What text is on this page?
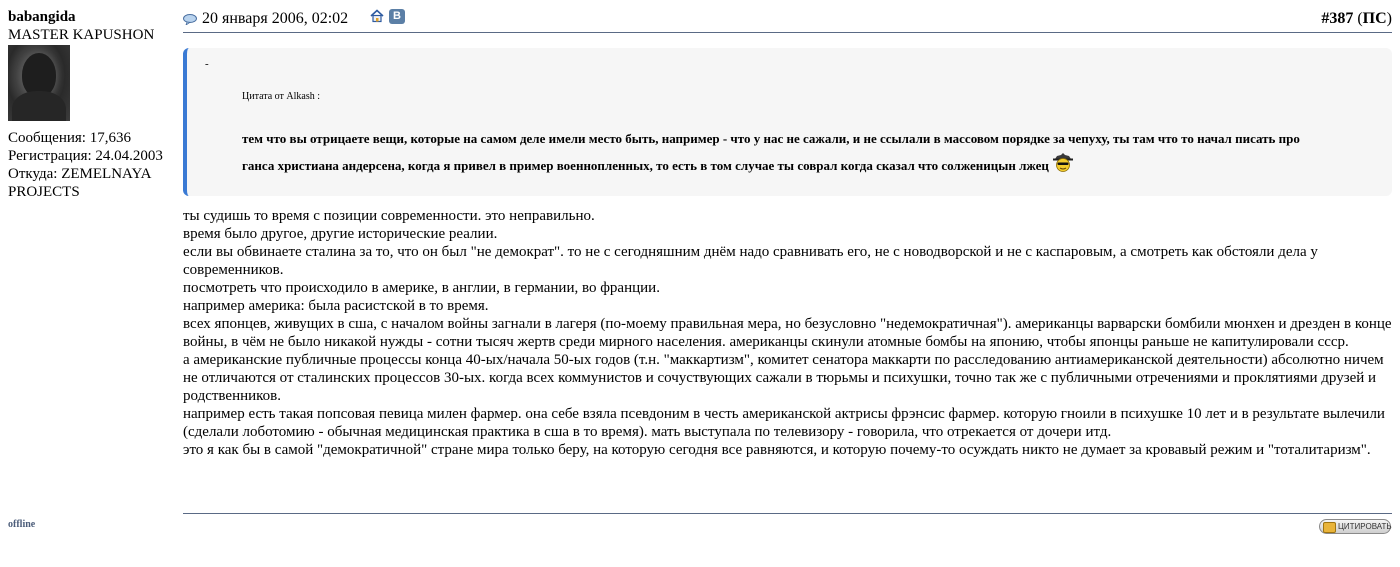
babangida
MASTER KAPUSHON
Сообщения: 17,636
Регистрация: 24.04.2003
Откуда: ZEMELNAYA PROJECTS
offline
20 января 2006, 02:02	В	#387 (ПС)
-
Цитата от Alkash :
тем что вы отрицаете вещи, которые на самом деле имели место быть, например - что у нас не сажали, и не ссылали в массовом порядке за чепуху, ты там что то начал писать про ганса христиана андерсена, когда я привел в пример военнопленных, то есть в том случае ты соврал когда сказал что солженицын лжец

ты судишь то время с позиции современности. это неправильно.

время было другое, другие исторические реалии.

если вы обвинаете сталина за то, что он был "не демократ". то не с сегодняшним днём надо сравнивать его, не с новодворской и не с каспаровым, а смотреть как обстояли дела у современников.

посмотреть что происходило в америке, в англии, в германии, во франции.

например америка: была расистской в то время.

всех японцев, живущих в сша, с началом войны загнали в лагеря (по-моему правильная мера, но безусловно "недемократичная"). американцы варварски бомбили мюнхен и дрезден в конце войны, в чём не было никакой нужды - сотни тысяч жертв среди мирного населения. американцы скинули атомные бомбы на японию, чтобы японцы раньше не капитулировали ссср.

а американские публичные процессы конца 40-ых/начала 50-ых годов (т.н. "маккартизм", комитет сенатора маккарти по расследованию антиамериканской деятельности) абсолютно ничем не отличаются от сталинских процессов 30-ых. когда всех коммунистов и сочуствующих сажали в тюрьмы и психушки, точно так же с публичными отречениями и проклятиями друзей и родственников.

например есть такая попсовая певица милен фармер. она себе взяла псевдоним в честь американской актрисы фрэнсис фармер. которую гноили в психушке 10 лет и в результате вылечили (сделали лоботомию - обычная медицинская практика в сша в то время). мать выступала по телевизору - говорила, что отрекается от дочери итд.

это я как бы в самой "демократичной" стране мира только беру, на которую сегодня все равняются, и которую почему-то осуждать никто не думает за кровавый режим и "тоталитаризм".

ЦИТИРОВАТЬ
